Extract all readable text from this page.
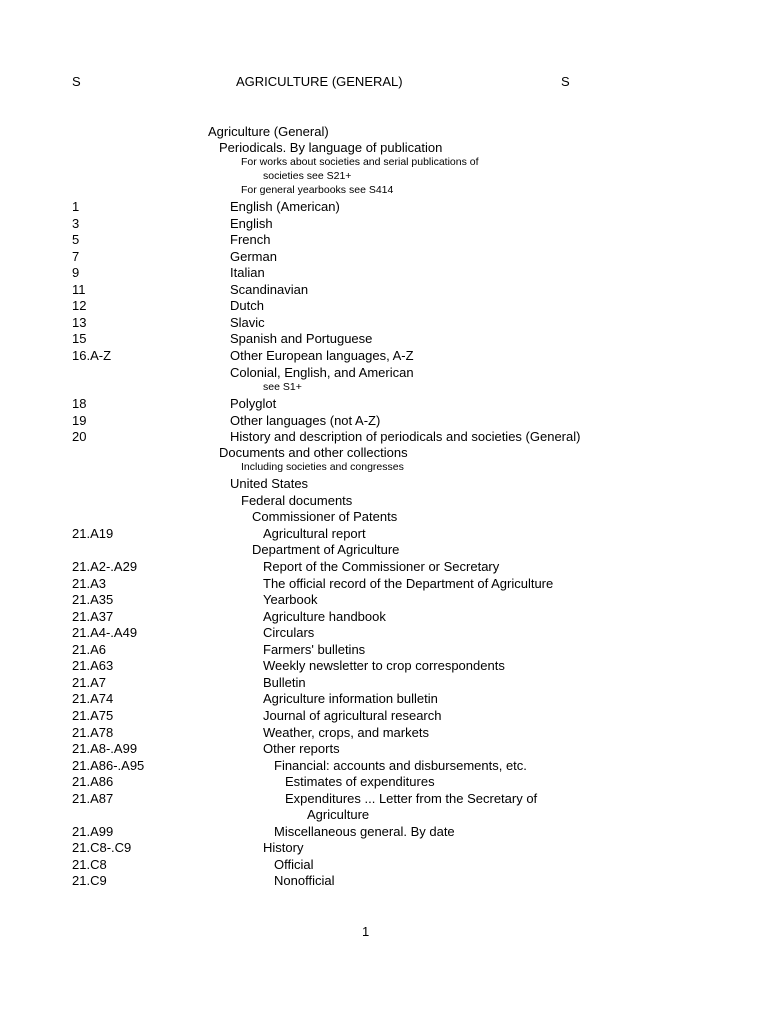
S	AGRICULTURE (GENERAL)	S
Agriculture (General)
Periodicals. By language of publication
For works about societies and serial publications of
societies see S21+
For general yearbooks see S414
1	English (American)
3	English
5	French
7	German
9	Italian
11	Scandinavian
12	Dutch
13	Slavic
15	Spanish and Portuguese
16.A-Z	Other European languages, A-Z
Colonial, English, and American
see S1+
18	Polyglot
19	Other languages (not A-Z)
20	History and description of periodicals and societies (General)
Documents and other collections
Including societies and congresses
United States
Federal documents
Commissioner of Patents
21.A19	Agricultural report
Department of Agriculture
21.A2-.A29	Report of the Commissioner or Secretary
21.A3	The official record of the Department of Agriculture
21.A35	Yearbook
21.A37	Agriculture handbook
21.A4-.A49	Circulars
21.A6	Farmers' bulletins
21.A63	Weekly newsletter to crop correspondents
21.A7	Bulletin
21.A74	Agriculture information bulletin
21.A75	Journal of agricultural research
21.A78	Weather, crops, and markets
21.A8-.A99	Other reports
21.A86-.A95	Financial: accounts and disbursements, etc.
21.A86	Estimates of expenditures
21.A87	Expenditures ... Letter from the Secretary of
Agriculture
21.A99	Miscellaneous general. By date
21.C8-.C9	History
21.C8	Official
21.C9	Nonofficial
1
